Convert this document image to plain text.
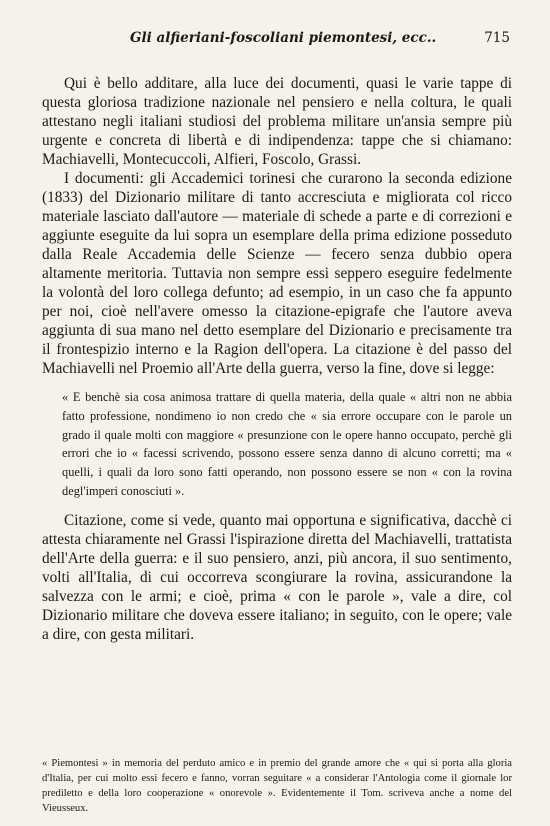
Gli alfieriani-foscoliani piemontesi, ecc..	715

Qui è bello additare, alla luce dei documenti, quasi le varie tappe di questa gloriosa tradizione nazionale nel pensiero e nella coltura, le quali attestano negli italiani studiosi del problema militare un'ansia sempre più urgente e concreta di libertà e di indipendenza: tappe che si chiamano: Machiavelli, Montecuccoli, Alfieri, Foscolo, Grassi.

I documenti: gli Accademici torinesi che curarono la seconda edizione (1833) del Dizionario militare di tanto accresciuta e migliorata col ricco materiale lasciato dall'autore — materiale di schede a parte e di correzioni e aggiunte eseguite da lui sopra un esemplare della prima edizione posseduto dalla Reale Accademia delle Scienze — fecero senza dubbio opera altamente meritoria. Tuttavia non sempre essi seppero eseguire fedelmente la volontà del loro collega defunto; ad esempio, in un caso che fa appunto per noi, cioè nell'avere omesso la citazione-epigrafe che l'autore aveva aggiunta di sua mano nel detto esemplare del Dizionario e precisamente tra il frontespizio interno e la Ragion dell'opera. La citazione è del passo del Machiavelli nel Proemio all'Arte della guerra, verso la fine, dove si legge:

« E benchè sia cosa animosa trattare di quella materia, della quale « altri non ne abbia fatto professione, nondimeno io non credo che « sia errore occupare con le parole un grado il quale molti con maggiore « presunzione con le opere hanno occupato, perchè gli errori che io « facessi scrivendo, possono essere senza danno di alcuno corretti; ma « quelli, i quali da loro sono fatti operando, non possono essere se non « con la rovina degl'imperi conosciuti ».

Citazione, come si vede, quanto mai opportuna e significativa, dacchè ci attesta chiaramente nel Grassi l'ispirazione diretta del Machiavelli, trattatista dell'Arte della guerra: e il suo pensiero, anzi, più ancora, il suo sentimento, volti all'Italia, di cui occorreva scongiurare la rovina, assicurandone la salvezza con le armi; e cioè, prima « con le parole », vale a dire, col Dizionario militare che doveva essere italiano; in seguito, con le opere; vale a dire, con gesta militari.

« Piemontesi » in memoria del perduto amico e in premio del grande amore che « qui si porta alla gloria d'Italia, per cui molto essi fecero e fanno, vorran seguitare « a considerar l'Antologia come il giornale lor prediletto e della loro cooperazione « onorevole ». Evidentemente il Tom. scriveva anche a nome del Vieusseux.
